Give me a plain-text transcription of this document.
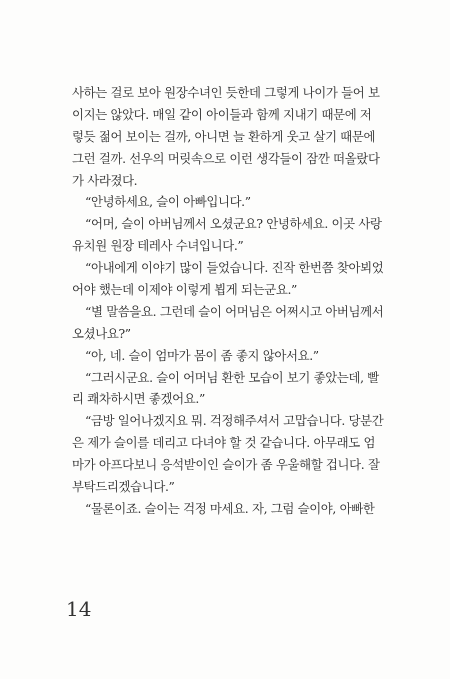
사하는 걸로 보아 원장수녀인 듯한데 그렇게 나이가 들어 보
이지는 않았다. 매일 같이 아이들과 함께 지내기 때문에 저
렇듯 젊어 보이는 걸까, 아니면 늘 환하게 웃고 살기 때문에
그런 걸까. 선우의 머릿속으로 이런 생각들이 잠깐 떠올랐다
가 사라졌다.
“안녕하세요, 슬이 아빠입니다.”
“어머, 슬이 아버님께서 오셨군요? 안녕하세요. 이곳 사랑
유치원 원장 테레사 수녀입니다.”
“아내에게 이야기 많이 들었습니다. 진작 한번쯤 찾아뵈었
어야 했는데 이제야 이렇게 뵙게 되는군요.”
“별 말씀을요. 그런데 슬이 어머님은 어쩌시고 아버님께서
오셨나요?”
“아, 네. 슬이 엄마가 몸이 좀 좋지 않아서요.”
“그러시군요. 슬이 어머님 환한 모습이 보기 좋았는데, 빨
리 쾌차하시면 좋겠어요.”
“금방 일어나겠지요 뭐. 걱정해주셔서 고맙습니다. 당분간
은 제가 슬이를 데리고 다녀야 할 것 같습니다. 아무래도 엄
마가 아프다보니 응석받이인 슬이가 좀 우울해할 겁니다. 잘
부탁드리겠습니다.”
“물론이죠. 슬이는 걱정 마세요. 자, 그럼 슬이야, 아빠한
14
